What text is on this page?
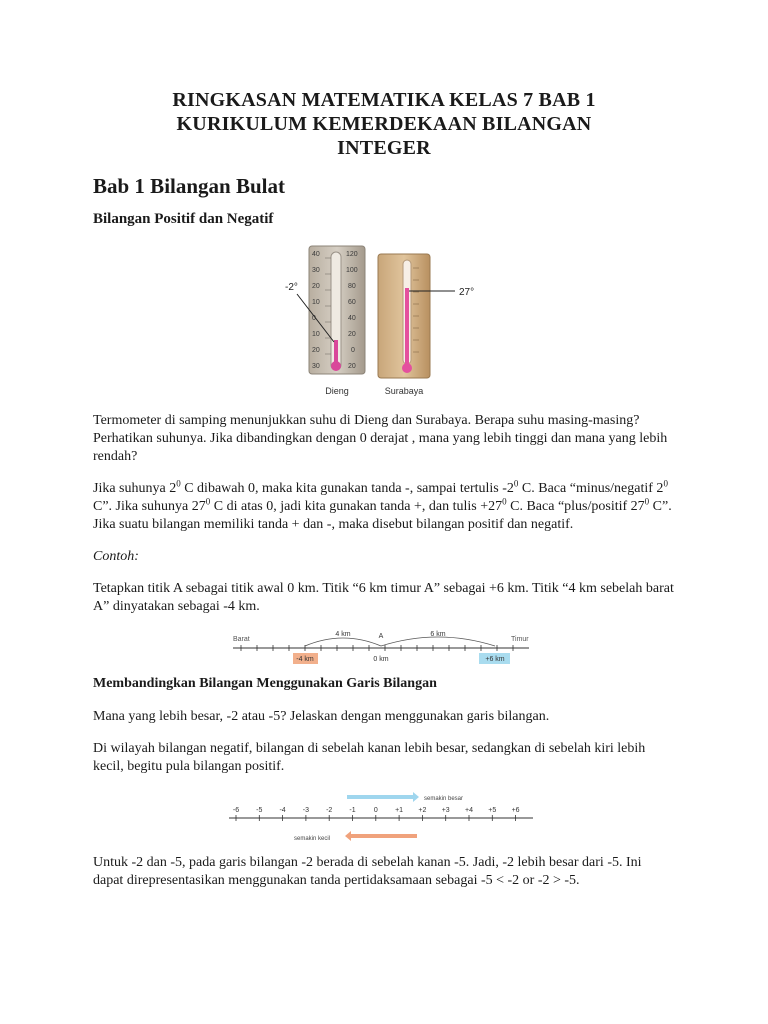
RINGKASAN MATEMATIKA KELAS 7 BAB 1
KURIKULUM KEMERDEKAAN BILANGAN
INTEGER
Bab 1 Bilangan Bulat
Bilangan Positif dan Negatif
40
30
20
10
0
10
20
30
120
100
80
60
40
20
0
20
-2°
Dieng
27°
Surabaya

Termometer di samping menunjukkan suhu di Dieng dan Surabaya. Berapa suhu masing-masing? Perhatikan suhunya. Jika dibandingkan dengan 0 derajat , mana yang lebih tinggi dan mana yang lebih rendah?

Jika suhunya $2^0$ C dibawah 0, maka kita gunakan tanda -, sampai tertulis $-2^0$ C. Baca “minus/negatif $2^0$ C”. Jika suhunya $27^0$ C di atas 0, jadi kita gunakan tanda +, dan tulis $+27^0$ C. Baca “plus/positif $27^0$ C”. Jika suatu bilangan memiliki tanda + dan -, maka disebut bilangan positif dan negatif.

Contoh:

Tetapkan titik A sebagai titik awal 0 km. Titik “6 km timur A” sebagai +6 km. Titik “4 km sebelah barat A” dinyatakan sebagai -4 km.

Barat	Timur
4 km	6 km
A
-4 km	0 km	+6 km
Membandingkan Bilangan Menggunakan Garis Bilangan

Mana yang lebih besar, -2 atau -5? Jelaskan dengan menggunakan garis bilangan.

Di wilayah bilangan negatif, bilangan di sebelah kanan lebih besar, sedangkan di sebelah kiri lebih kecil, begitu pula bilangan positif.

semakin besar
-6 -5 -4 -3 -2 -1	0 +1 +2 +3 +4 +5 +6
semakin kecil

Untuk -2 dan -5, pada garis bilangan -2 berada di sebelah kanan -5. Jadi, -2 lebih besar dari -5. Ini dapat direpresentasikan menggunakan tanda pertidaksamaan sebagai -5 < -2 or -2 > -5.
